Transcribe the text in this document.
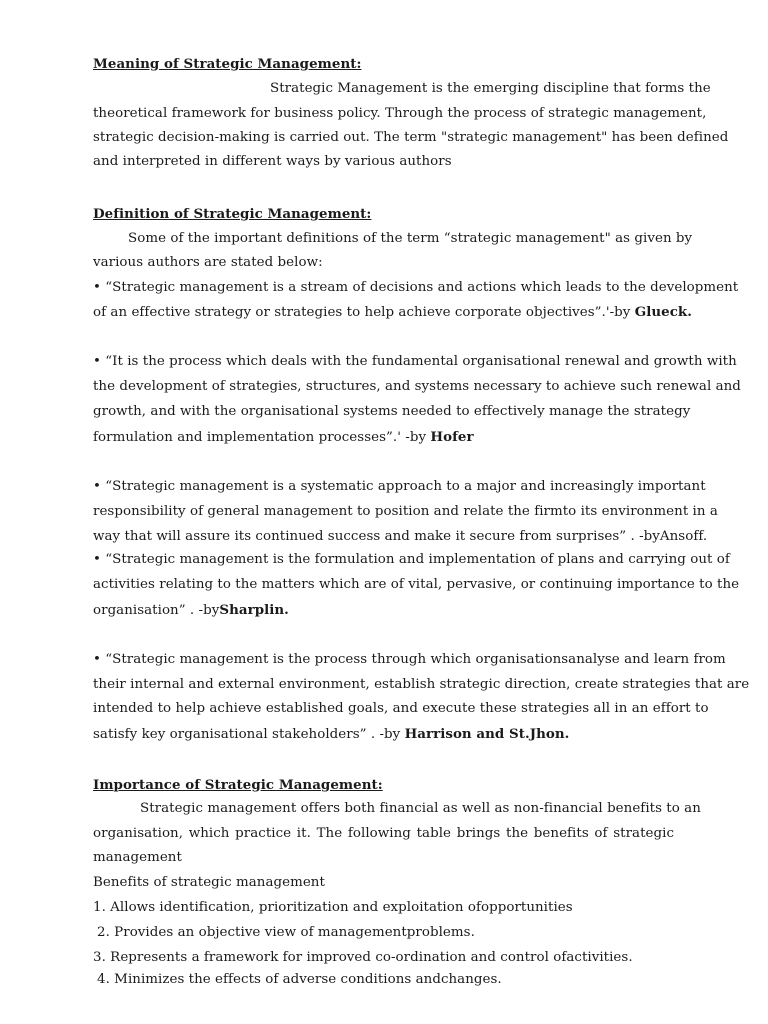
Meaning of Strategic Management:
Strategic Management is the emerging discipline that forms the
theoretical framework for business policy. Through the process of strategic management,
strategic decision-making is carried out. The term "strategic management" has been defined
and interpreted in different ways by various authors
Definition of Strategic Management:
Some of the important definitions of the term “strategic management" as given by
various authors are stated below:
• “Strategic management is a stream of decisions and actions which leads to the development
of an effective strategy or strategies to help achieve corporate objectives”.'-by Glueck.
• “It is the process which deals with the fundamental organisational renewal and growth with
the development of strategies, structures, and systems necessary to achieve such renewal and
growth, and with the organisational systems needed to effectively manage the strategy
formulation and implementation processes”.' -by Hofer
• “Strategic management is a systematic approach to a major and increasingly important
responsibility of general management to position and relate the firmto its environment in a
way that will assure its continued success and make it secure from surprises” . -byAnsoff.
• “Strategic management is the formulation and implementation of plans and carrying out of
activities relating to the matters which are of vital, pervasive, or continuing importance to the
organisation” . -bySharplin.
• “Strategic management is the process through which organisationsanalyse and learn from
their internal and external environment, establish strategic direction, create strategies that are
intended to help achieve established goals, and execute these strategies all in an effort to
satisfy key organisational stakeholders” . -by Harrison and St.Jhon.
Importance of Strategic Management:
Strategic management offers both financial as well as non-financial benefits to an
organisation, which practice it. The following table brings the benefits of strategic
management
Benefits of strategic management
1. Allows identification, prioritization and exploitation ofopportunities
2. Provides an objective view of managementproblems.
3. Represents a framework for improved co-ordination and control ofactivities.
4. Minimizes the effects of adverse conditions andchanges.
